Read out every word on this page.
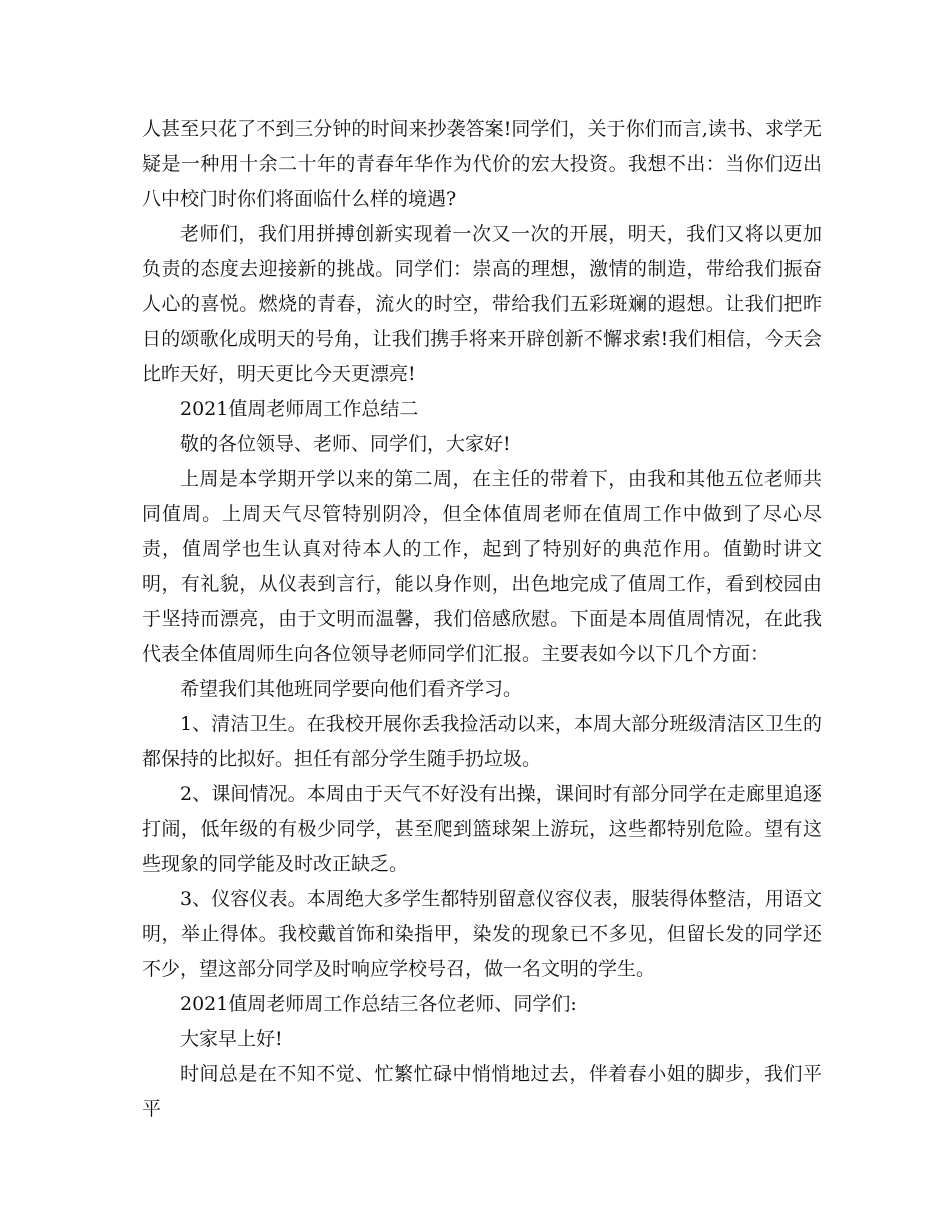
人甚至只花了不到三分钟的时间来抄袭答案!同学们，关于你们而言,读书、求学无疑是一种用十余二十年的青春年华作为代价的宏大投资。我想不出：当你们迈出八中校门时你们将面临什么样的境遇?

老师们，我们用拼搏创新实现着一次又一次的开展，明天，我们又将以更加负责的态度去迎接新的挑战。同学们：崇高的理想，激情的制造，带给我们振奋人心的喜悦。燃烧的青春，流火的时空，带给我们五彩斑斓的遐想。让我们把昨日的颂歌化成明天的号角，让我们携手将来开辟创新不懈求索!我们相信，今天会比昨天好，明天更比今天更漂亮!

2021值周老师周工作总结二

敬的各位领导、老师、同学们，大家好!

上周是本学期开学以来的第二周，在主任的带着下，由我和其他五位老师共同值周。上周天气尽管特别阴冷，但全体值周老师在值周工作中做到了尽心尽责，值周学也生认真对待本人的工作，起到了特别好的典范作用。值勤时讲文明，有礼貌，从仪表到言行，能以身作则，出色地完成了值周工作，看到校园由于坚持而漂亮，由于文明而温馨，我们倍感欣慰。下面是本周值周情况，在此我代表全体值周师生向各位领导老师同学们汇报。主要表如今以下几个方面：

希望我们其他班同学要向他们看齐学习。

1、清洁卫生。在我校开展你丢我捡活动以来，本周大部分班级清洁区卫生的都保持的比拟好。担任有部分学生随手扔垃圾。

2、课间情况。本周由于天气不好没有出操，课间时有部分同学在走廊里追逐打闹，低年级的有极少同学，甚至爬到篮球架上游玩，这些都特别危险。望有这些现象的同学能及时改正缺乏。

3、仪容仪表。本周绝大多学生都特别留意仪容仪表，服装得体整洁，用语文明，举止得体。我校戴首饰和染指甲，染发的现象已不多见，但留长发的同学还不少，望这部分同学及时响应学校号召，做一名文明的学生。

2021值周老师周工作总结三各位老师、同学们:

大家早上好!

时间总是在不知不觉、忙繁忙碌中悄悄地过去，伴着春小姐的脚步，我们平平
